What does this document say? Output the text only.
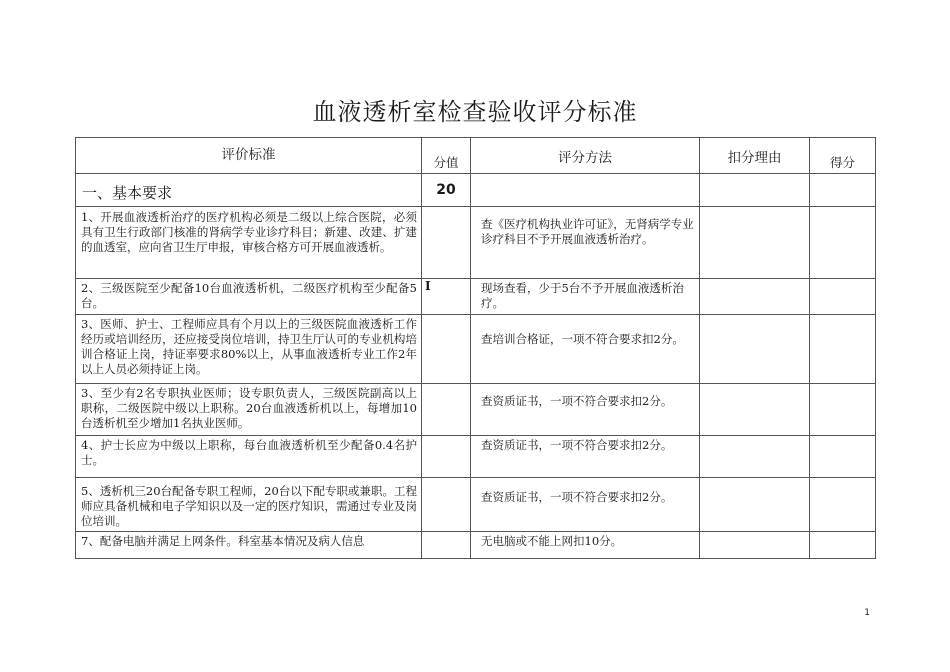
血液透析室检查验收评分标准
评价标准	分值	评分方法	扣分理由	得分
一、基本要求	20			
1、开展血液透析治疗的医疗机构必须是二级以上综合医院，必须具有卫生行政部门核准的肾病学专业诊疗科目；新建、改建、扩建的血透室，应向省卫生厅申报，审核合格方可开展血液透析。		查《医疗机构执业许可证》，无肾病学专业诊疗科目不予开展血液透析治疗。		
2、三级医院至少配备10台血液透析机，二级医疗机构至少配备5台。	I	现场查看，少于5台不予开展血液透析治疗。		
3、医师、护士、工程师应具有个月以上的三级医院血液透析工作经历或培训经历，还应接受岗位培训，持卫生厅认可的专业机构培训合格证上岗，持证率要求80%以上，从事血液透析专业工作2年以上人员必须持证上岗。		查培训合格证，一项不符合要求扣2分。		
3、至少有2名专职执业医师；设专职负责人，三级医院副高以上职称，二级医院中级以上职称。20台血液透析机以上，每增加10台透析机至少增加1名执业医师。		查资质证书，一项不符合要求扣2分。		
4、护士长应为中级以上职称，每台血液透析机至少配备0.4名护士。		查资质证书，一项不符合要求扣2分。		
5、透析机三20台配备专职工程师，20台以下配专职或兼职。工程师应具备机械和电子学知识以及一定的医疗知识，需通过专业及岗位培训。		查资质证书，一项不符合要求扣2分。		
7、配备电脑并满足上网条件。科室基本情况及病人信息		无电脑或不能上网扣10分。		
1
